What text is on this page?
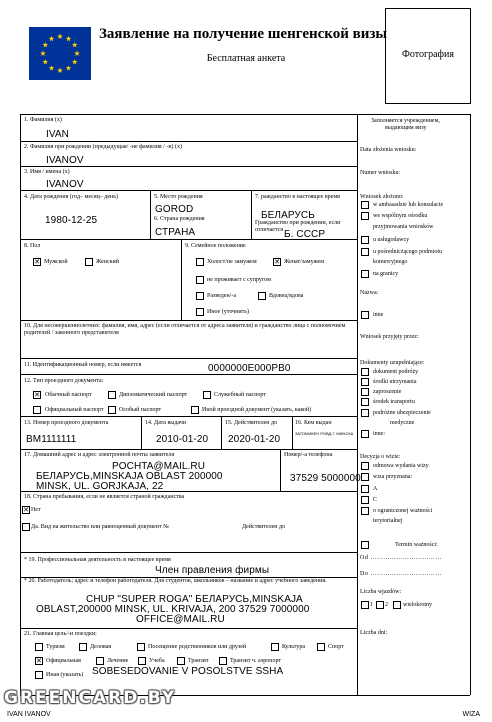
Заявление на получение шенгенской визы
Бесплатная анкета	Фотография
1. Фамилия (x)
IVAN
2. Фамилия при рождении (предыдущая/ -ие фамилия / -и) (x)
IVANOV
3. Имя / имена (x)
IVANOV
4. Дата рождения (год– месяц– день)
1980-12-25
5. Место рождения
GOROD
6. Страна рождения
СТРАНА
7. ражданство в настоящее время
БЕЛАРУСЬ
Гражданство при рождении, если отличается Б. СССР
8. Пол
✕ Мужской	Женский
9. Семейное положение
Холост/не замужем ✕ Женат/замужем
не проживает с супругом
Разведен/-а	Вдовец/вдова
Иное (уточнить)
10. Для несовершеннолетних: фамилия, имя, адрес (если отличается от адреса заявителя) и гражданство лица с полномочием родителей / законного представителя
11. Идентификационный номер, если имеется	0000000E000PB0
12. Тип проездного документа:
✕ Обычный паспорт	Дипломатический паспорт	Служебный паспорт
Официальный паспорт	Особый паспорт	Иной проездной документ (указать, какой)
13. Номер проездного документа
BM1111111
14. Дата выдачи
2010-01-20
15. Действителен до
2020-01-20
16. Кем выдан
ЗАТОМИКЕН РОВД Г. МИНСКА
17. Домашний адрес и адрес электронной почты заявителя
POCHTA@MAIL.RU
БЕЛАРУСЬ,MINSKAJA OBLAST 200000
MINSK, UL. GORJKAJA, 22
Номер/-а телефона
37529 5000000
18. Страна пребывания, если не является страной гражданства
✕ Нет
Да. Вид на жительство или равноценный документ №	Действителен до
* 19. Профессиональная деятельность в настоящее время
Член правления фирмы
* 20. Работодатель; адрес и телефон работодателя. Для студентов, школьников – название и адрес учебного заведения.
CHUP "SUPER ROGA" БЕЛАРУСЬ,MINSKAJA
OBLAST,200000 MINSK, UL. KRIVAJA, 200 37529 7000000
OFFICE@MAIL.RU
21. Главная цель/-и поездки:
Туризм	Деловая	Посещение родственников или друзей	Культура	Спорт
✕ Официальная	Лечение	Учеба	Транзит	Транзит ч. аэропорт
SOBESEDOVANIE V POSOLSTVE SSHA
Иная (указать)
Заполняется учреждением,
выдающим визу
Data złożenia wniosku:
Numer wniosku:
Wniosek złożono:
w ambasadzie lub konsulacie
we wspólnym ośrodku
przyjmowania wniosków
u usługodawcy
u pośrednicżącego podmiotu
komercyjnego
na granicy
Nazwa:
inne
Wniosek przyjęty przez:
Dokumenty uzupełniające:
dokument podróży
środki utrzymania
zaproszenie
środek transportu
podróżne ubezpieczenie
medyczne
inne:
Decyzja o wizie:
odmowa wydania wizy
wiza przyznana:
A
C
o ograniczonej ważności
terytorialnej
Termin ważności:
Od ……………………………
Do ……………………………
Liczba wjazdów:
1 2	wielokrotny
Liczba dni:
GREENCARD.BY
IVAN IVANOV	WIZA
